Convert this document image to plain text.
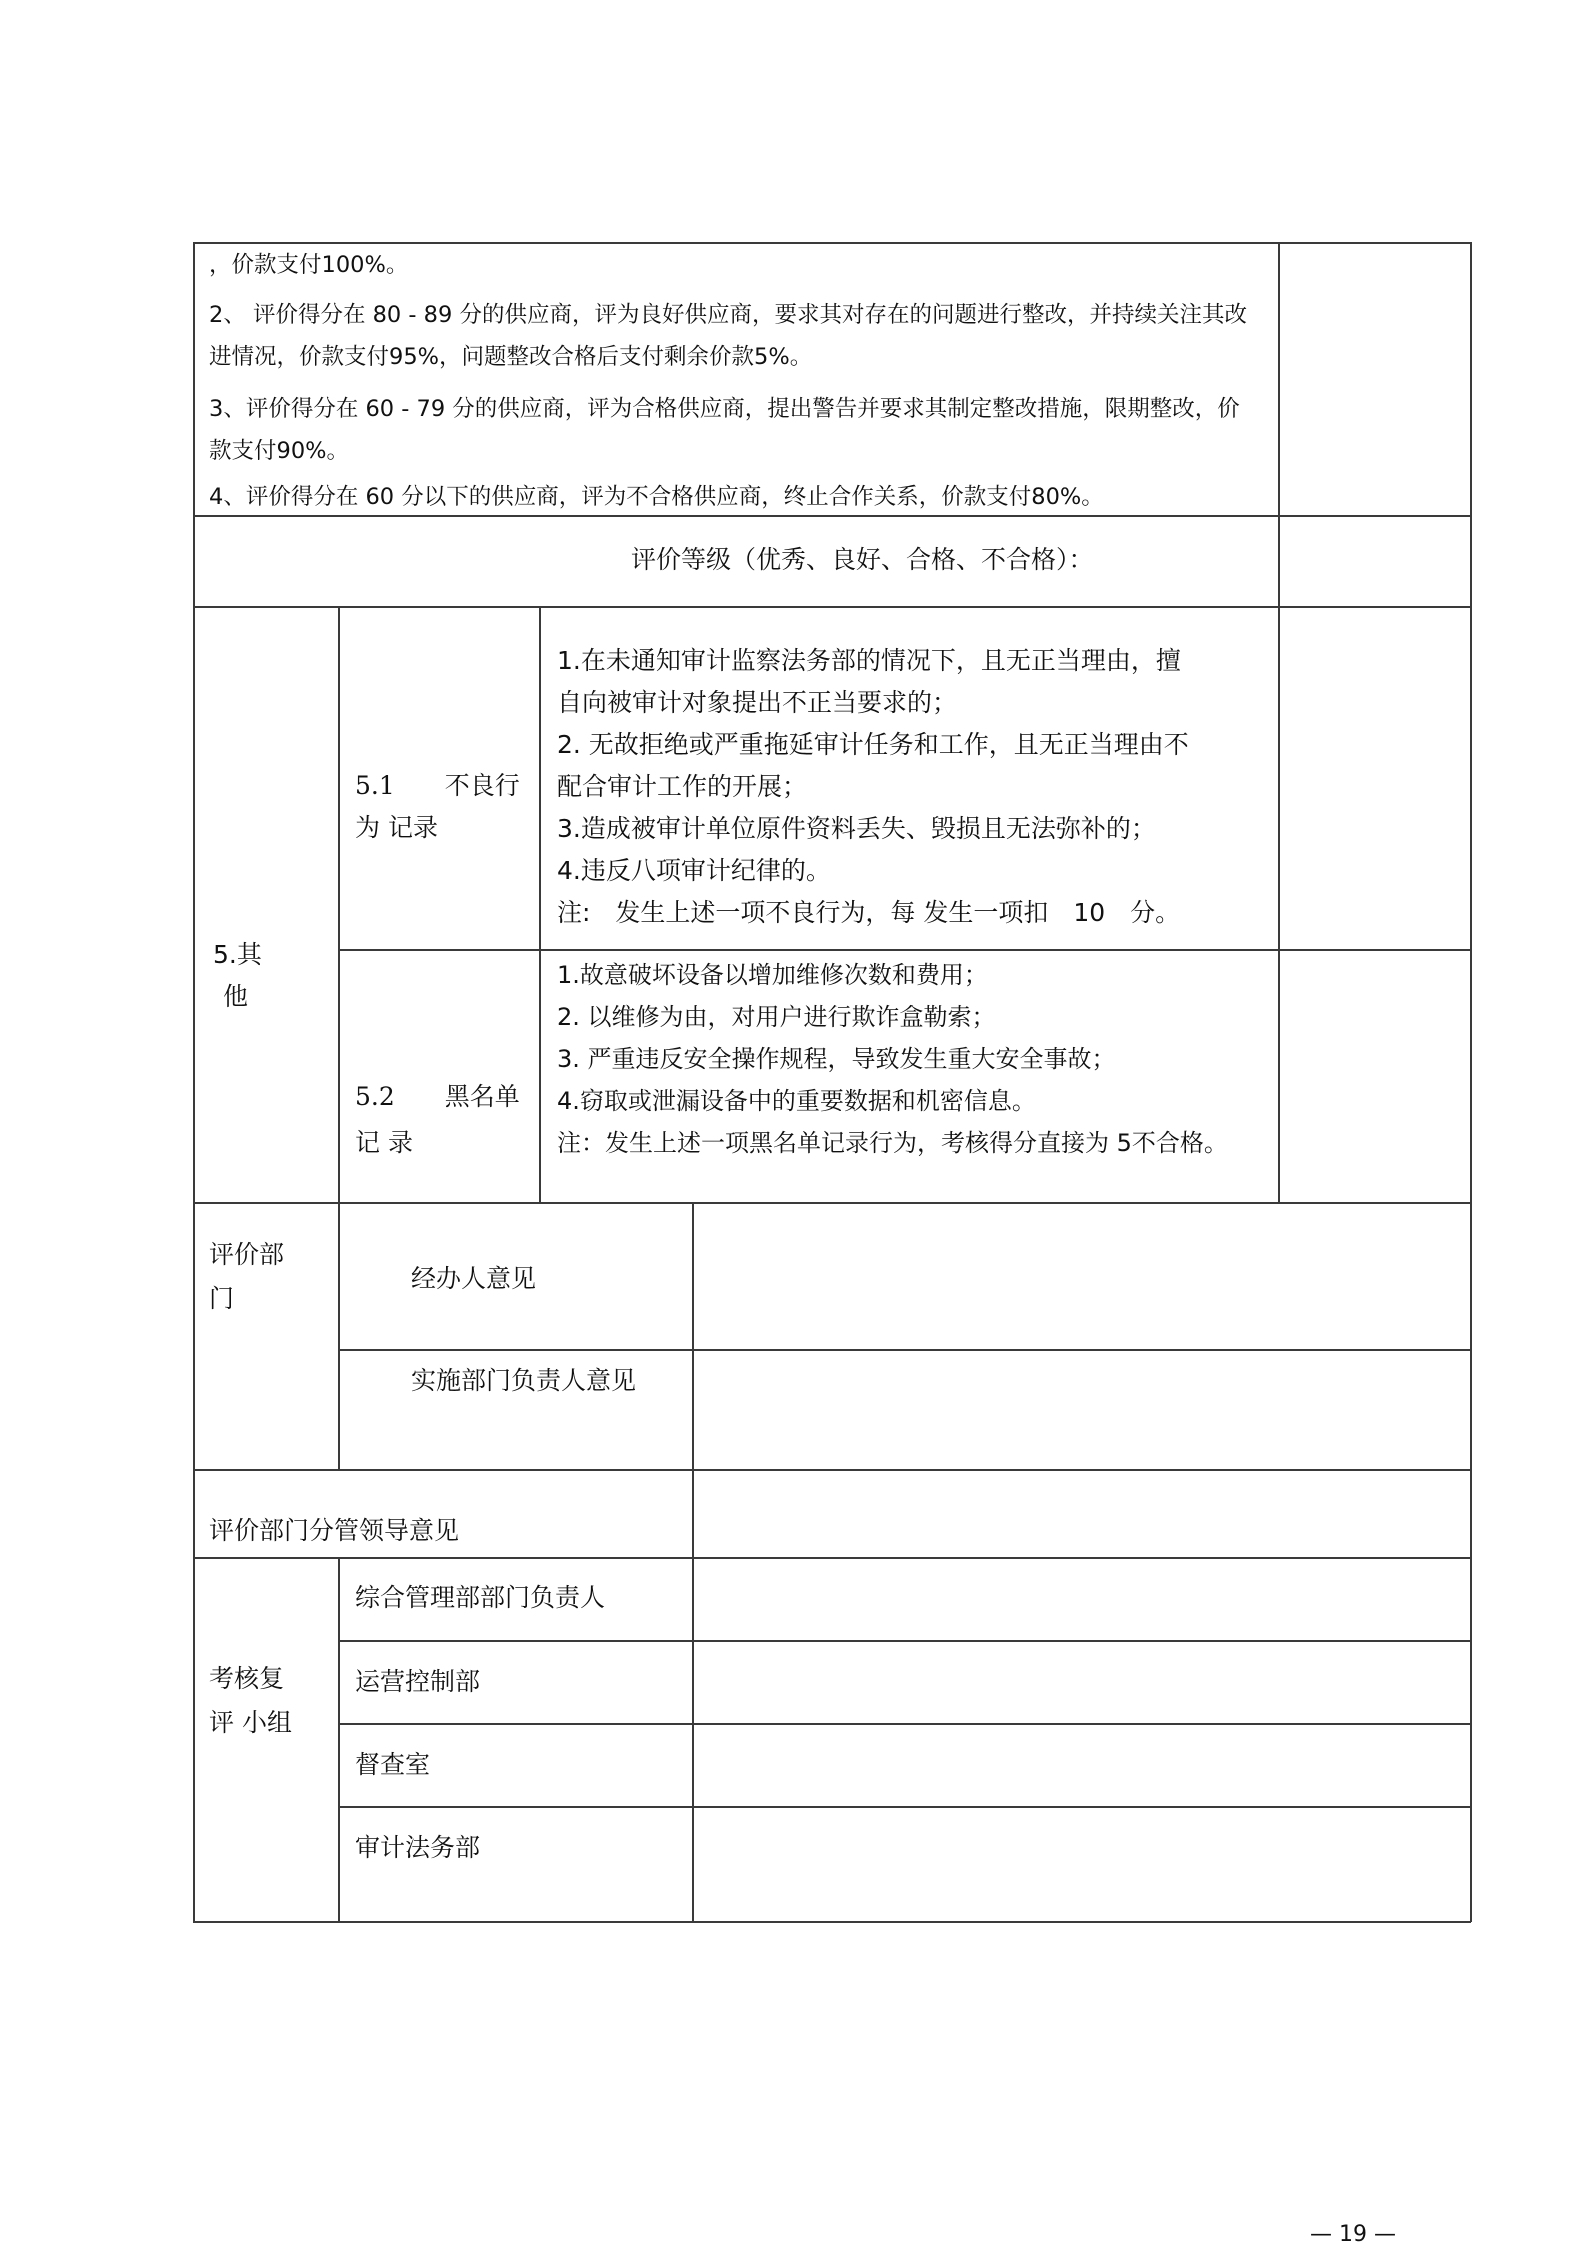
，价款支付100%。
2、 评价得分在 80 - 89 分的供应商，评为良好供应商，要求其对存在的问题进行整改，并持续关注其改
进情况，价款支付95%，问题整改合格后支付剩余价款5%。
3、评价得分在 60 - 79 分的供应商，评为合格供应商，提出警告并要求其制定整改措施，限期整改，价
款支付90%。
4、评价得分在 60 分以下的供应商，评为不合格供应商，终止合作关系，价款支付80%。
评价等级（优秀、良好、合格、不合格）：
5.其
他
5.1　　不良行
为 记录
1.在未通知审计监察法务部的情况下，且无正当理由，擅
自向被审计对象提出不正当要求的；
2. 无故拒绝或严重拖延审计任务和工作，且无正当理由不
配合审计工作的开展；
3.造成被审计单位原件资料丢失、毁损且无法弥补的；
4.违反八项审计纪律的。
注:　发生上述一项不良行为，每 发生一项扣　10　分。
5.2　　黑名单
记 录
1.故意破坏设备以增加维修次数和费用；
2. 以维修为由，对用户进行欺诈盒勒索；
3. 严重违反安全操作规程，导致发生重大安全事故；
4.窃取或泄漏设备中的重要数据和机密信息。
注：发生上述一项黑名单记录行为，考核得分直接为 5不合格。
评价部
门
经办人意见
实施部门负责人意见
评价部门分管领导意见
考核复
评 小组
综合管理部部门负责人
运营控制部
督查室
审计法务部
— 19 —
